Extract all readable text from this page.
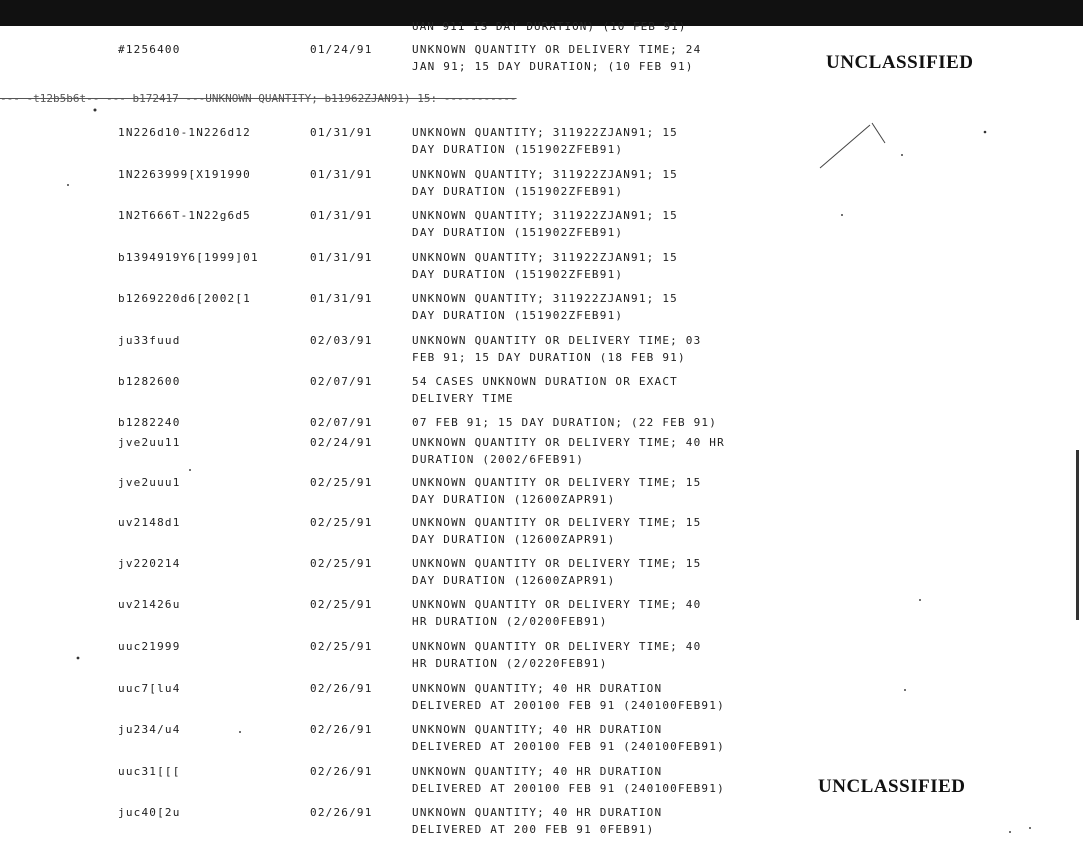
UAN 911 IS DAY DURATION) (10 FEB 91)
UNCLASSIFIED
UNCLASSIFIED
--- -t12b5b6t-- --- b172417 ---UNKNOWN QUANTITY; b11962ZJAN91) 15: -----------
#1256400	01/24/91	UNKNOWN QUANTITY OR DELIVERY TIME; 24
JAN 91; 15 DAY DURATION; (10 FEB 91)
1N226d10-1N226d12	01/31/91	UNKNOWN QUANTITY; 311922ZJAN91; 15
DAY DURATION (151902ZFEB91)
1N2263999[X191990	01/31/91	UNKNOWN QUANTITY; 311922ZJAN91; 15
DAY DURATION (151902ZFEB91)
1N2T666T-1N22g6d5	01/31/91	UNKNOWN QUANTITY; 311922ZJAN91; 15
DAY DURATION (151902ZFEB91)
b1394919Y6[1999]01	01/31/91	UNKNOWN QUANTITY; 311922ZJAN91; 15
DAY DURATION (151902ZFEB91)
b1269220d6[2002[1	01/31/91	UNKNOWN QUANTITY; 311922ZJAN91; 15
DAY DURATION (151902ZFEB91)
ju33fuud	02/03/91	UNKNOWN QUANTITY OR DELIVERY TIME; 03
FEB 91; 15 DAY DURATION (18 FEB 91)
b1282600	02/07/91	54 CASES UNKNOWN DURATION OR EXACT
DELIVERY TIME
b1282240	02/07/91	07 FEB 91; 15 DAY DURATION; (22 FEB 91)
jve2uu11	02/24/91	UNKNOWN QUANTITY OR DELIVERY TIME; 40 HR
DURATION (2002/6FEB91)
jve2uuu1	02/25/91	UNKNOWN QUANTITY OR DELIVERY TIME; 15
DAY DURATION (12600ZAPR91)
uv2148d1	02/25/91	UNKNOWN QUANTITY OR DELIVERY TIME; 15
DAY DURATION (12600ZAPR91)
jv220214	02/25/91	UNKNOWN QUANTITY OR DELIVERY TIME; 15
DAY DURATION (12600ZAPR91)
uv21426u	02/25/91	UNKNOWN QUANTITY OR DELIVERY TIME; 40
HR DURATION (2/0200FEB91)
uuc21999	02/25/91	UNKNOWN QUANTITY OR DELIVERY TIME; 40
HR DURATION (2/0220FEB91)
uuc7[lu4	02/26/91	UNKNOWN QUANTITY; 40 HR DURATION
DELIVERED AT 200100 FEB 91 (240100FEB91)
ju234/u4	02/26/91	UNKNOWN QUANTITY; 40 HR DURATION
DELIVERED AT 200100 FEB 91 (240100FEB91)
uuc31[[[	02/26/91	UNKNOWN QUANTITY; 40 HR DURATION
DELIVERED AT 200100 FEB 91 (240100FEB91)
juc40[2u	02/26/91	UNKNOWN QUANTITY; 40 HR DURATION
DELIVERED AT 200 FEB 91 0FEB91)
